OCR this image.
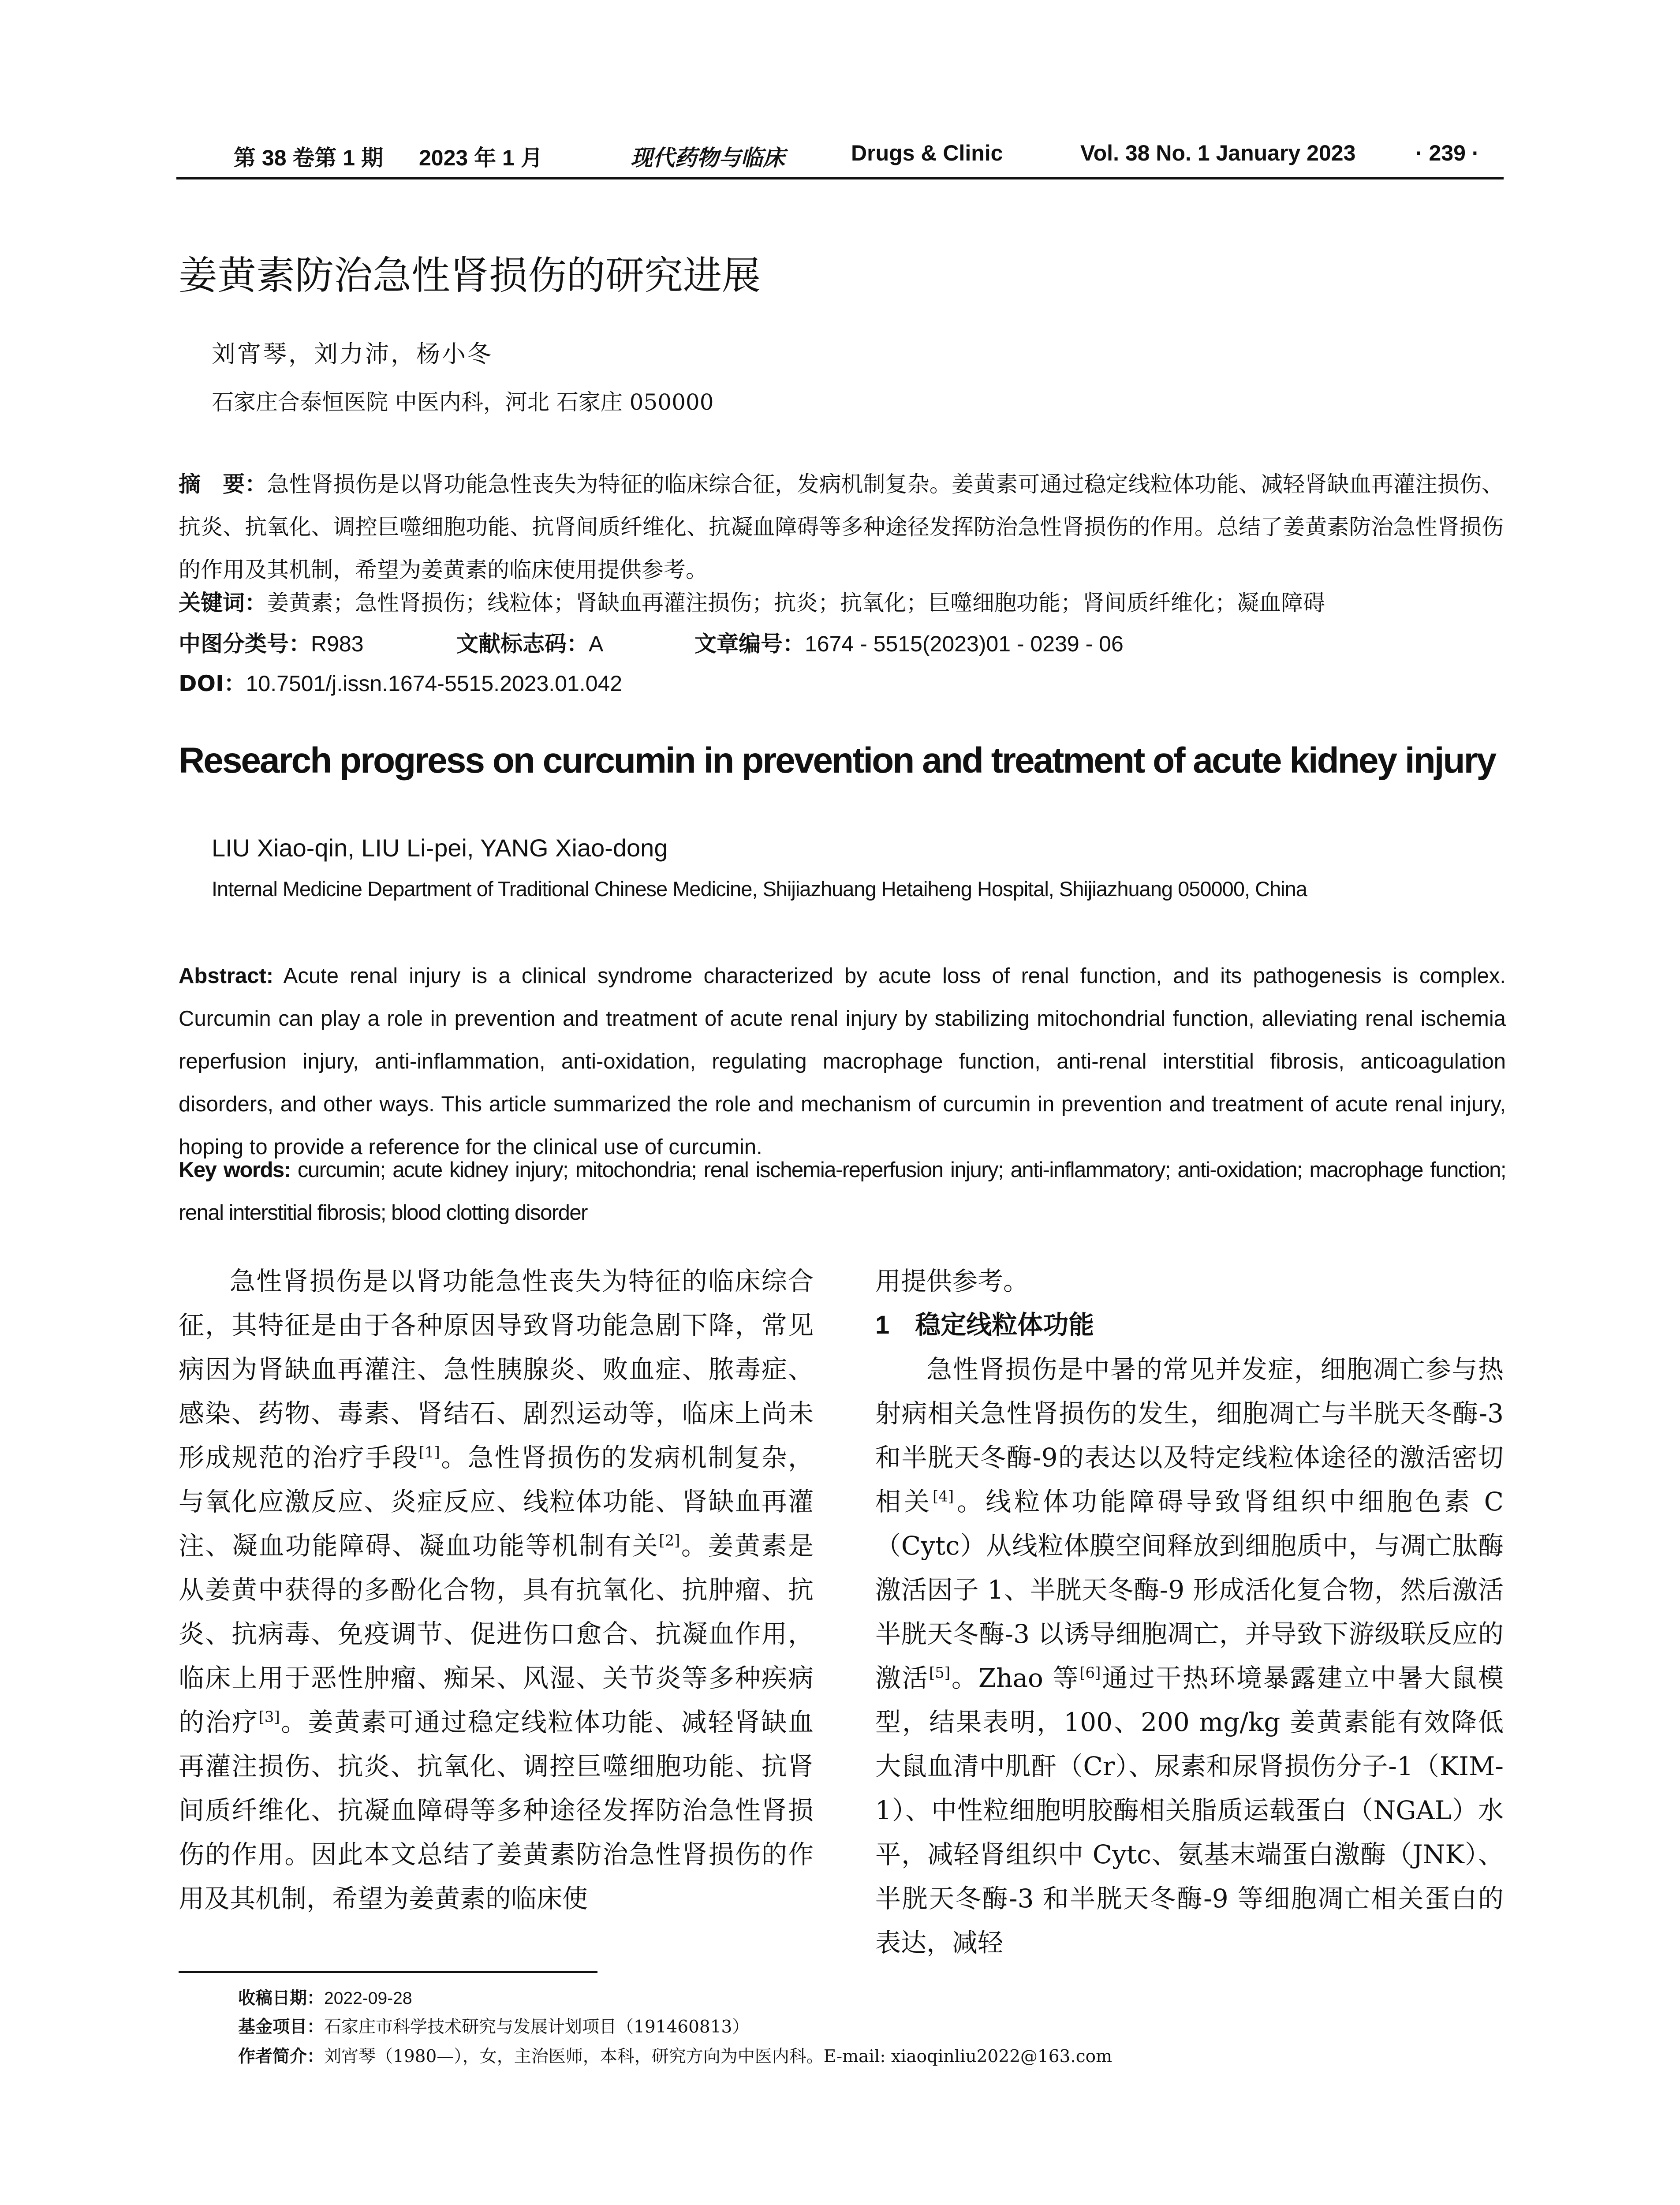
第 38 卷第 1 期 2023 年 1 月	现代药物与临床	Drugs & Clinic	Vol. 38 No. 1 January 2023	· 239 ·
姜黄素防治急性肾损伤的研究进展
刘宵琴，刘力沛，杨小冬
石家庄合泰恒医院 中医内科，河北 石家庄 050000
摘　要：急性肾损伤是以肾功能急性丧失为特征的临床综合征，发病机制复杂。姜黄素可通过稳定线粒体功能、减轻肾缺血再灌注损伤、抗炎、抗氧化、调控巨噬细胞功能、抗肾间质纤维化、抗凝血障碍等多种途径发挥防治急性肾损伤的作用。总结了姜黄素防治急性肾损伤的作用及其机制，希望为姜黄素的临床使用提供参考。
关键词：姜黄素；急性肾损伤；线粒体；肾缺血再灌注损伤；抗炎；抗氧化；巨噬细胞功能；肾间质纤维化；凝血障碍
中图分类号：R983	文献标志码：A	文章编号：1674 - 5515(2023)01 - 0239 - 06
DOI：10.7501/j.issn.1674-5515.2023.01.042
Research progress on curcumin in prevention and treatment of acute kidney injury
LIU Xiao-qin, LIU Li-pei, YANG Xiao-dong
Internal Medicine Department of Traditional Chinese Medicine, Shijiazhuang Hetaiheng Hospital, Shijiazhuang 050000, China
Abstract: Acute renal injury is a clinical syndrome characterized by acute loss of renal function, and its pathogenesis is complex. Curcumin can play a role in prevention and treatment of acute renal injury by stabilizing mitochondrial function, alleviating renal ischemia reperfusion injury, anti-inflammation, anti-oxidation, regulating macrophage function, anti-renal interstitial fibrosis, anticoagulation disorders, and other ways. This article summarized the role and mechanism of curcumin in prevention and treatment of acute renal injury, hoping to provide a reference for the clinical use of curcumin.
Key words: curcumin; acute kidney injury; mitochondria; renal ischemia-reperfusion injury; anti-inflammatory; anti-oxidation; macrophage function; renal interstitial fibrosis; blood clotting disorder

急性肾损伤是以肾功能急性丧失为特征的临床综合征，其特征是由于各种原因导致肾功能急剧下降，常见病因为肾缺血再灌注、急性胰腺炎、败血症、脓毒症、感染、药物、毒素、肾结石、剧烈运动等，临床上尚未形成规范的治疗手段[1]。急性肾损伤的发病机制复杂，与氧化应激反应、炎症反应、线粒体功能、肾缺血再灌注、凝血功能障碍、凝血功能等机制有关[2]。姜黄素是从姜黄中获得的多酚化合物，具有抗氧化、抗肿瘤、抗炎、抗病毒、免疫调节、促进伤口愈合、抗凝血作用，临床上用于恶性肿瘤、痴呆、风湿、关节炎等多种疾病的治疗[3]。姜黄素可通过稳定线粒体功能、减轻肾缺血再灌注损伤、抗炎、抗氧化、调控巨噬细胞功能、抗肾间质纤维化、抗凝血障碍等多种途径发挥防治急性肾损伤的作用。因此本文总结了姜黄素防治急性肾损伤的作用及其机制，希望为姜黄素的临床使

用提供参考。

1　稳定线粒体功能

急性肾损伤是中暑的常见并发症，细胞凋亡参与热射病相关急性肾损伤的发生，细胞凋亡与半胱天冬酶-3和半胱天冬酶-9的表达以及特定线粒体途径的激活密切相关[4]。线粒体功能障碍导致肾组织中细胞色素 C（Cytc）从线粒体膜空间释放到细胞质中，与凋亡肽酶激活因子 1、半胱天冬酶-9 形成活化复合物，然后激活半胱天冬酶-3 以诱导细胞凋亡，并导致下游级联反应的激活[5]。Zhao 等[6]通过干热环境暴露建立中暑大鼠模型，结果表明，100、200 mg/kg 姜黄素能有效降低大鼠血清中肌酐（Cr）、尿素和尿肾损伤分子-1（KIM-1）、中性粒细胞明胶酶相关脂质运载蛋白（NGAL）水平，减轻肾组织中 Cytc、氨基末端蛋白激酶（JNK）、半胱天冬酶-3 和半胱天冬酶-9 等细胞凋亡相关蛋白的表达，减轻

收稿日期：2022-09-28
基金项目：石家庄市科学技术研究与发展计划项目（191460813）
作者简介：刘宵琴（1980—），女，主治医师，本科，研究方向为中医内科。E-mail: xiaoqinliu2022@163.com
